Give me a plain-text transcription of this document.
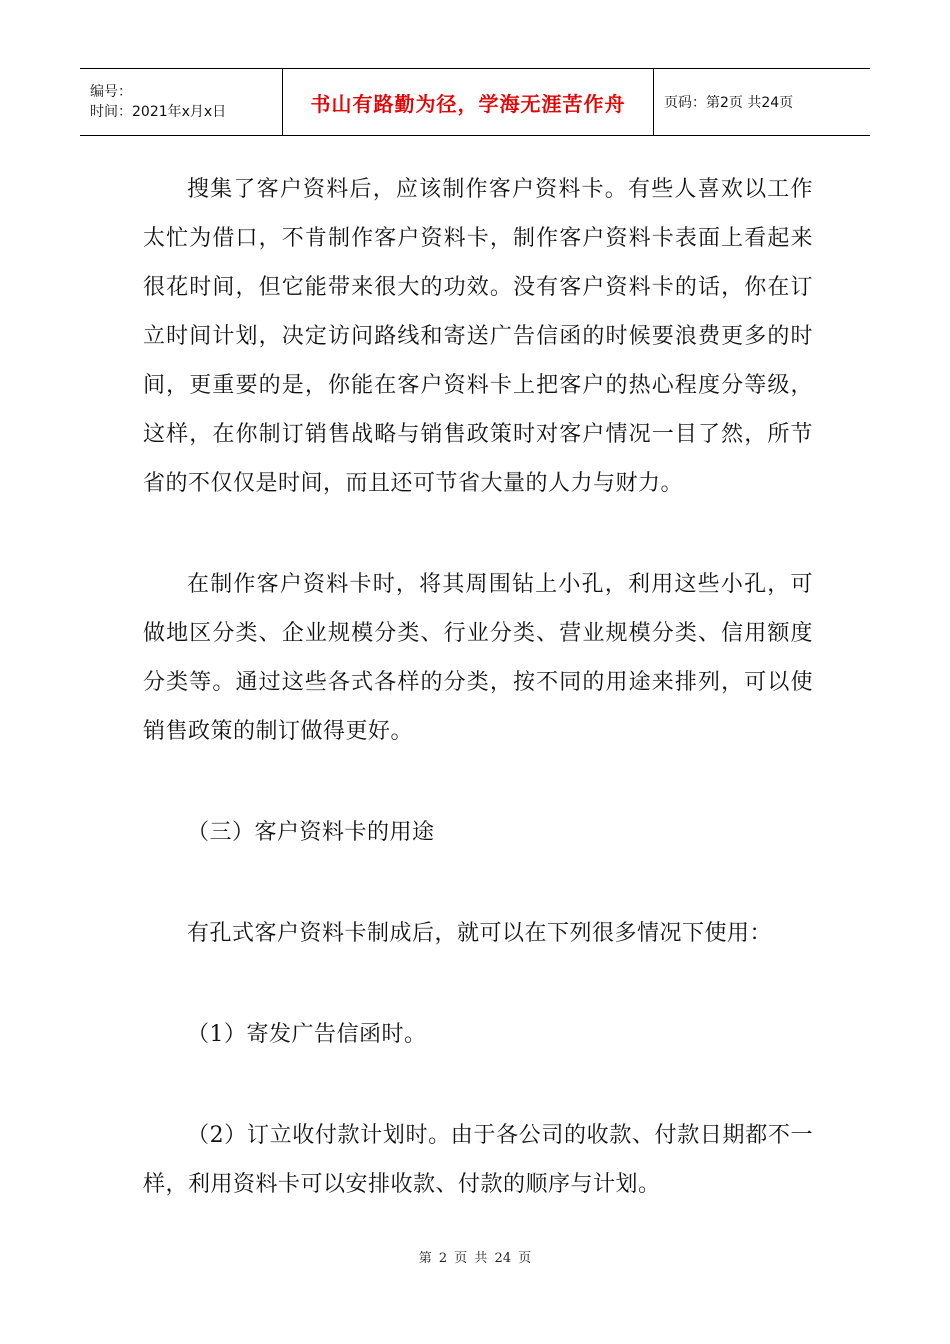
编号：
时间：2021年x月x日	书山有路勤为径，学海无涯苦作舟	页码：第2页 共24页

搜集了客户资料后，应该制作客户资料卡。有些人喜欢以工作太忙为借口，不肯制作客户资料卡，制作客户资料卡表面上看起来很花时间，但它能带来很大的功效。没有客户资料卡的话，你在订立时间计划，决定访问路线和寄送广告信函的时候要浪费更多的时间，更重要的是，你能在客户资料卡上把客户的热心程度分等级，这样，在你制订销售战略与销售政策时对客户情况一目了然，所节省的不仅仅是时间，而且还可节省大量的人力与财力。

在制作客户资料卡时，将其周围钻上小孔，利用这些小孔，可做地区分类、企业规模分类、行业分类、营业规模分类、信用额度分类等。通过这些各式各样的分类，按不同的用途来排列，可以使销售政策的制订做得更好。

（三）客户资料卡的用途

有孔式客户资料卡制成后，就可以在下列很多情况下使用：

（1）寄发广告信函时。

（2）订立收付款计划时。由于各公司的收款、付款日期都不一样，利用资料卡可以安排收款、付款的顺序与计划。

第 2 页 共 24 页
